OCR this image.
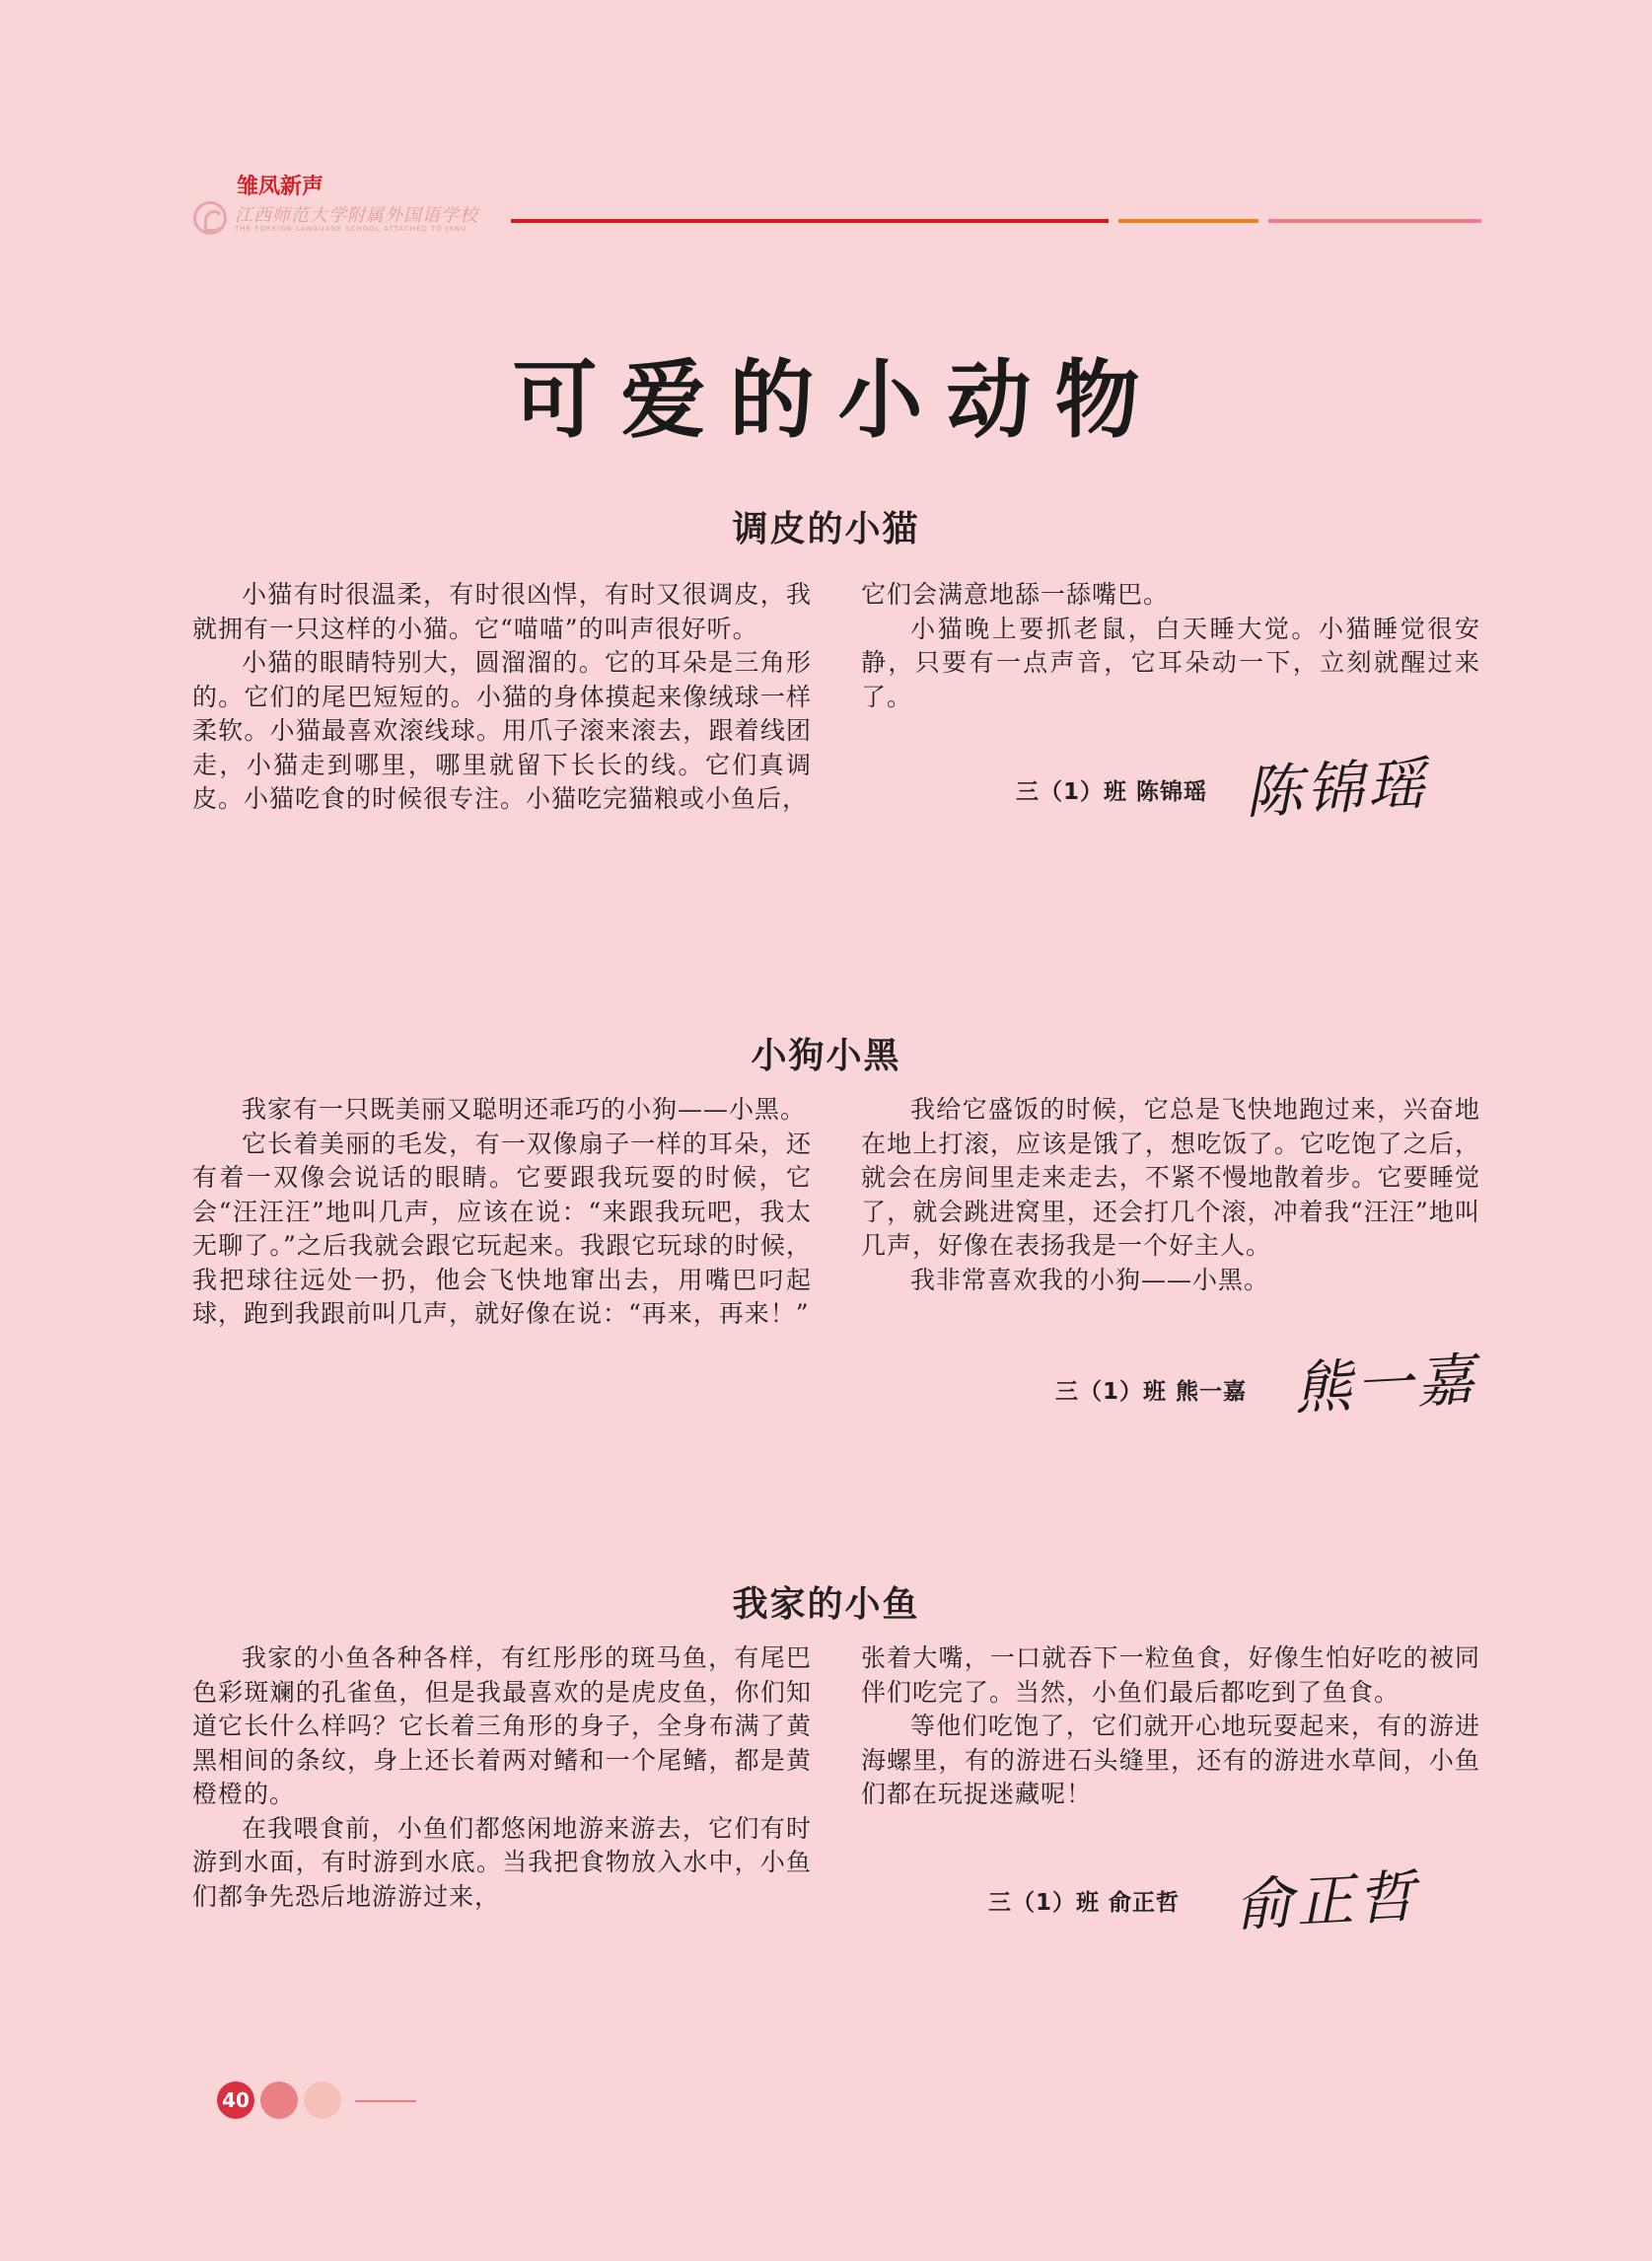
雏凤新声
江西师范大学附属外国语学校
THE FOREIGN LANGUAGE SCHOOL ATTACHED TO JXNU
可爱的小动物
调皮的小猫

小猫有时很温柔，有时很凶悍，有时又很调皮，我就拥有一只这样的小猫。它“喵喵”的叫声很好听。

小猫的眼睛特别大，圆溜溜的。它的耳朵是三角形的。它们的尾巴短短的。小猫的身体摸起来像绒球一样柔软。小猫最喜欢滚线球。用爪子滚来滚去，跟着线团走，小猫走到哪里，哪里就留下长长的线。它们真调皮。小猫吃食的时候很专注。小猫吃完猫粮或小鱼后，

它们会满意地舔一舔嘴巴。

小猫晚上要抓老鼠，白天睡大觉。小猫睡觉很安静，只要有一点声音，它耳朵动一下，立刻就醒过来了。

三（1）班 陈锦瑶 陈锦瑶
小狗小黑

我家有一只既美丽又聪明还乖巧的小狗——小黑。

它长着美丽的毛发，有一双像扇子一样的耳朵，还有着一双像会说话的眼睛。它要跟我玩耍的时候，它会“汪汪汪”地叫几声，应该在说：“来跟我玩吧，我太无聊了。”之后我就会跟它玩起来。我跟它玩球的时候，我把球往远处一扔，他会飞快地窜出去，用嘴巴叼起球，跑到我跟前叫几声，就好像在说：“再来，再来！”

我给它盛饭的时候，它总是飞快地跑过来，兴奋地在地上打滚，应该是饿了，想吃饭了。它吃饱了之后，就会在房间里走来走去，不紧不慢地散着步。它要睡觉了，就会跳进窝里，还会打几个滚，冲着我“汪汪”地叫几声，好像在表扬我是一个好主人。

我非常喜欢我的小狗——小黑。

三（1）班 熊一嘉 熊一嘉
我家的小鱼

我家的小鱼各种各样，有红彤彤的斑马鱼，有尾巴色彩斑斓的孔雀鱼，但是我最喜欢的是虎皮鱼，你们知道它长什么样吗？它长着三角形的身子，全身布满了黄黑相间的条纹，身上还长着两对鳍和一个尾鳍，都是黄橙橙的。

在我喂食前，小鱼们都悠闲地游来游去，它们有时游到水面，有时游到水底。当我把食物放入水中，小鱼们都争先恐后地游游过来，

张着大嘴，一口就吞下一粒鱼食，好像生怕好吃的被同伴们吃完了。当然，小鱼们最后都吃到了鱼食。

等他们吃饱了，它们就开心地玩耍起来，有的游进海螺里，有的游进石头缝里，还有的游进水草间，小鱼们都在玩捉迷藏呢！

三（1）班 俞正哲 俞正哲
40
